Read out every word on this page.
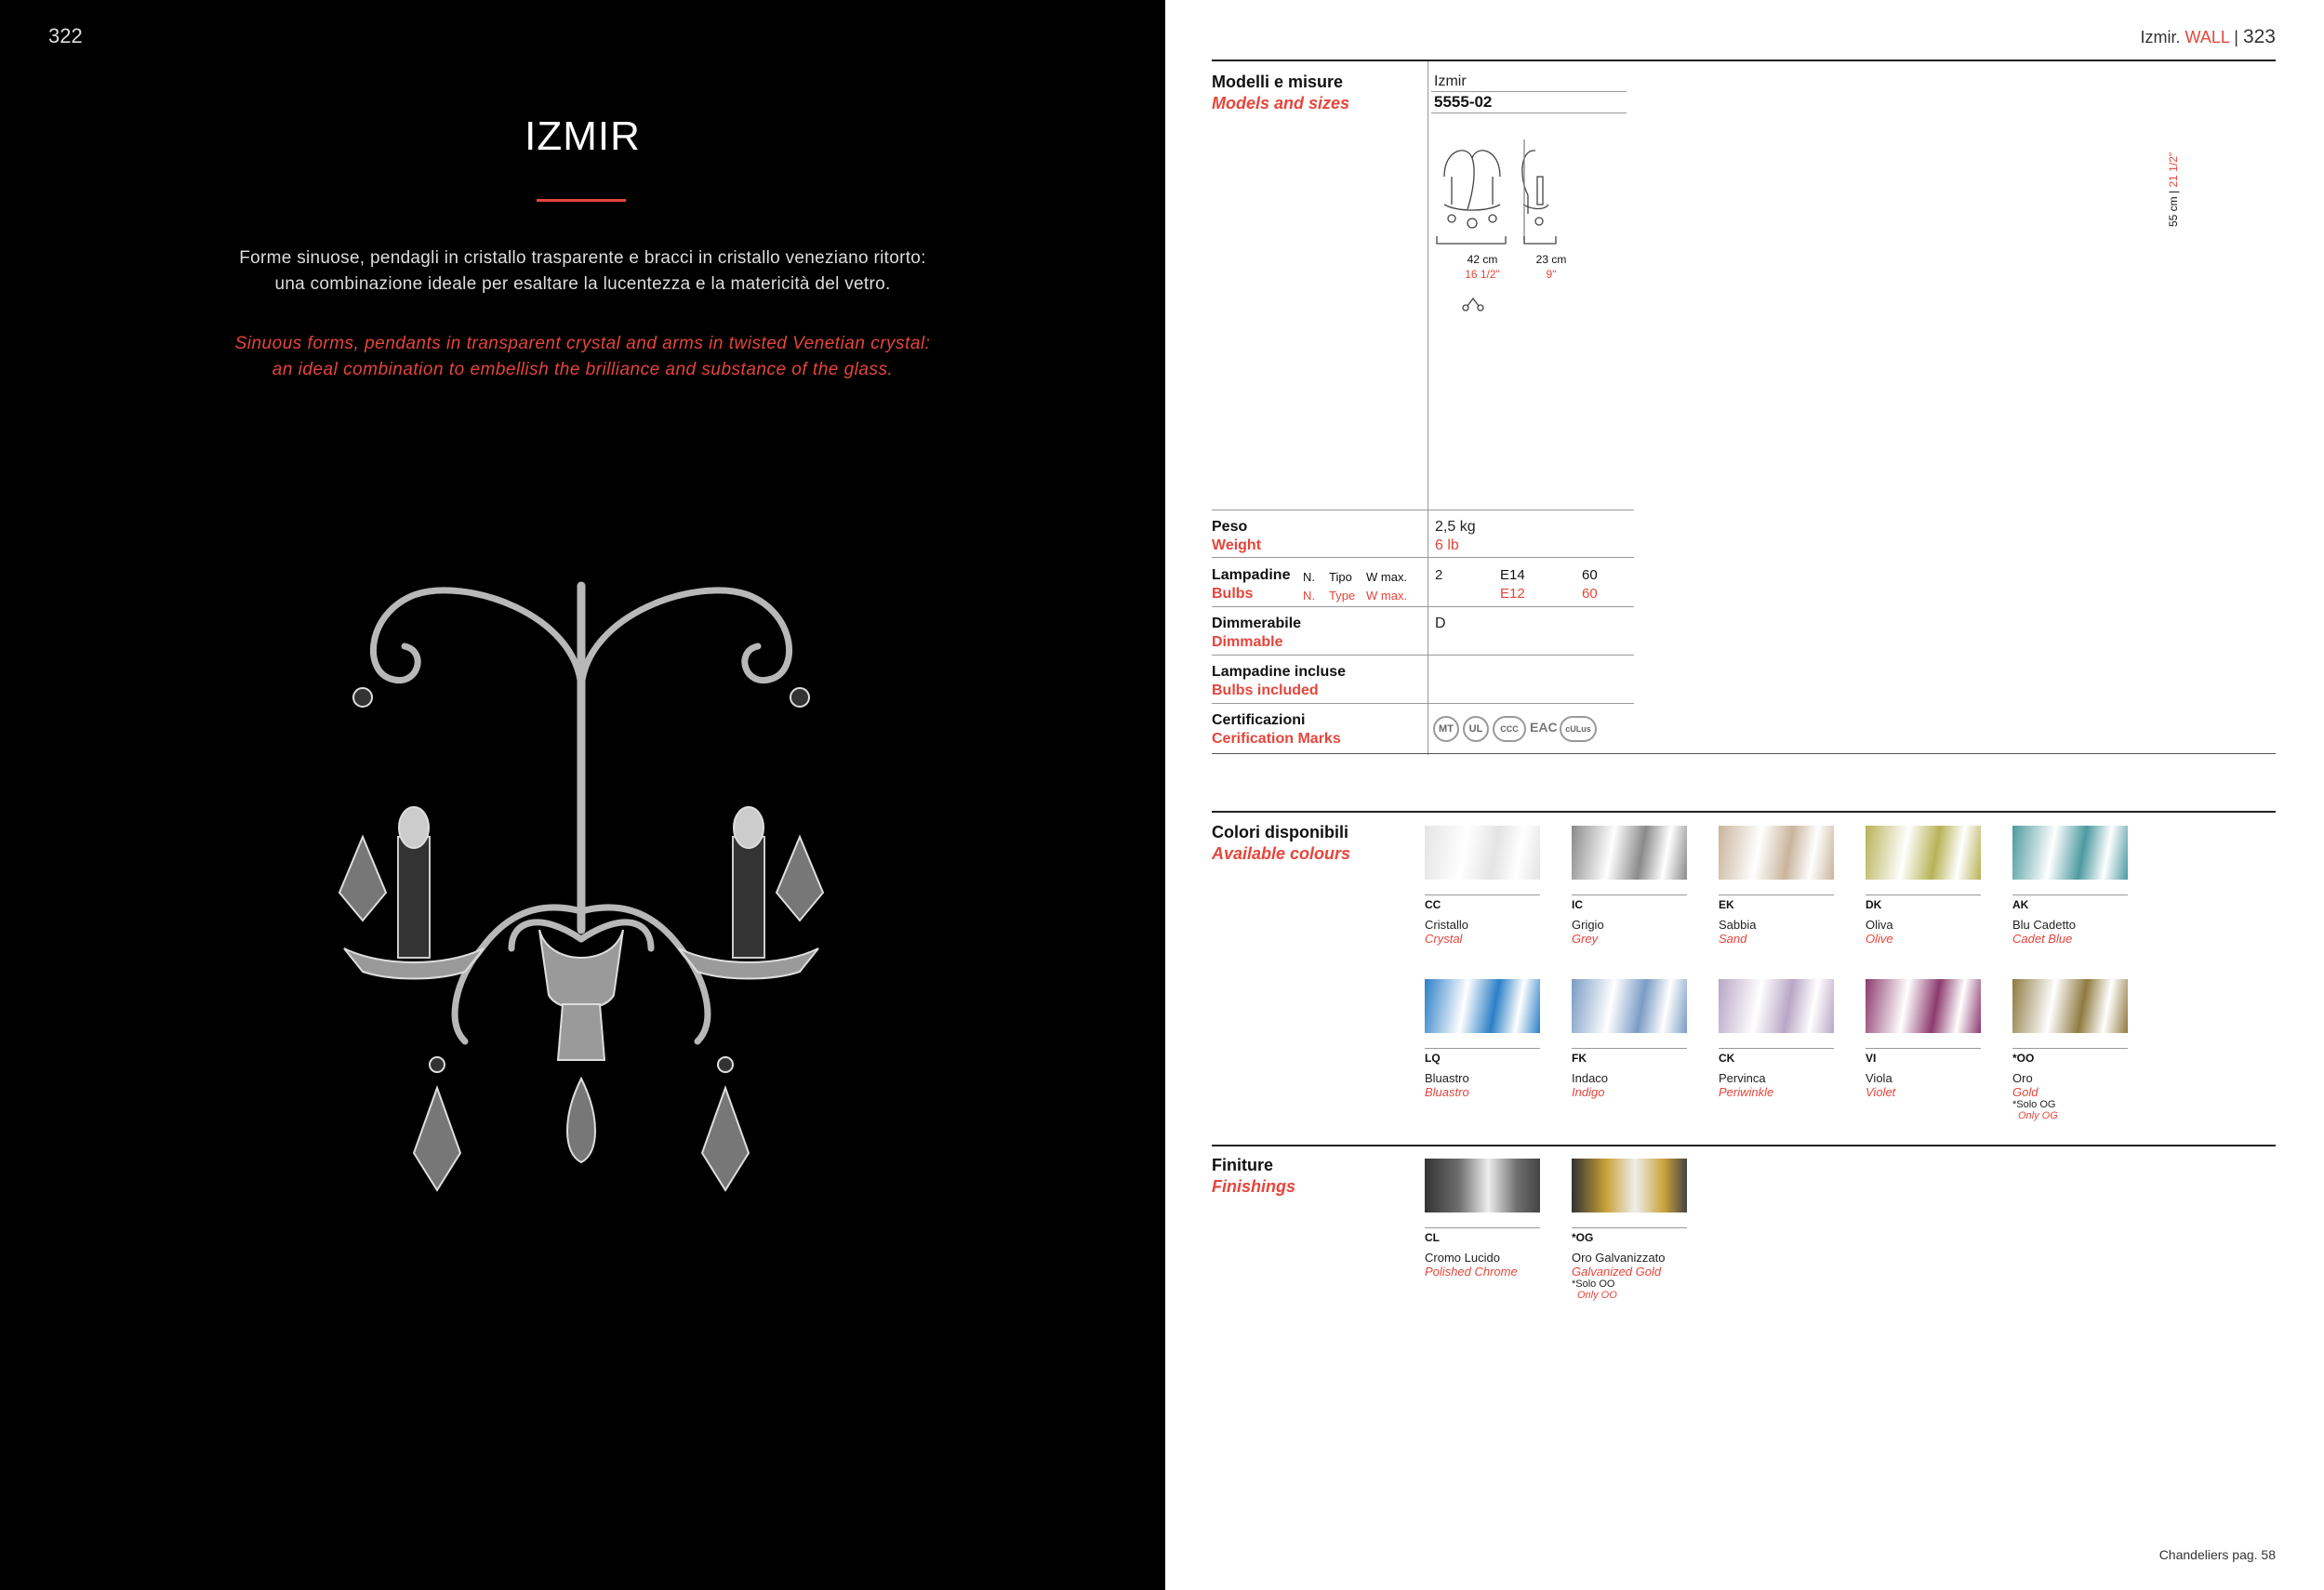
322
IZMIR
Forme sinuose, pendagli in cristallo trasparente e bracci in cristallo veneziano ritorto: una combinazione ideale per esaltare la lucentezza e la matericità del vetro.
Sinuous forms, pendants in transparent crystal and arms in twisted Venetian crystal: an ideal combination to embellish the brilliance and substance of the glass.
Izmir. WALL | 323
Modelli e misure
Models and sizes
Izmir
5555-02
55 cm | 21 1/2"
42 cm
16 1/2"
23 cm
9"
Peso
Weight
2,5 kg
6 lb
Lampadine
Bulbs
N. Tipo W max.
N. Type W max.
2	E14
E12
60
60
Dimmerabile
Dimmable
D
Lampadine incluse
Bulbs included
Certificazioni
Cerification Marks
MT UL CCC EAC cULus
Colori disponibili
Available colours
CC
Cristallo
Crystal
IC
Grigio
Grey
EK
Sabbia
Sand
DK
Oliva
Olive
AK
Blu Cadetto
Cadet Blue
LQ
Bluastro
Bluastro
FK
Indaco
Indigo
CK
Pervinca
Periwinkle
VI
Viola
Violet
*OO
Oro
Gold
*Solo OG
Only OG
Finiture
Finishings
CL
Cromo Lucido
Polished Chrome
*OG
Oro Galvanizzato
Galvanized Gold
*Solo OO
Only OO
Chandeliers pag. 58
